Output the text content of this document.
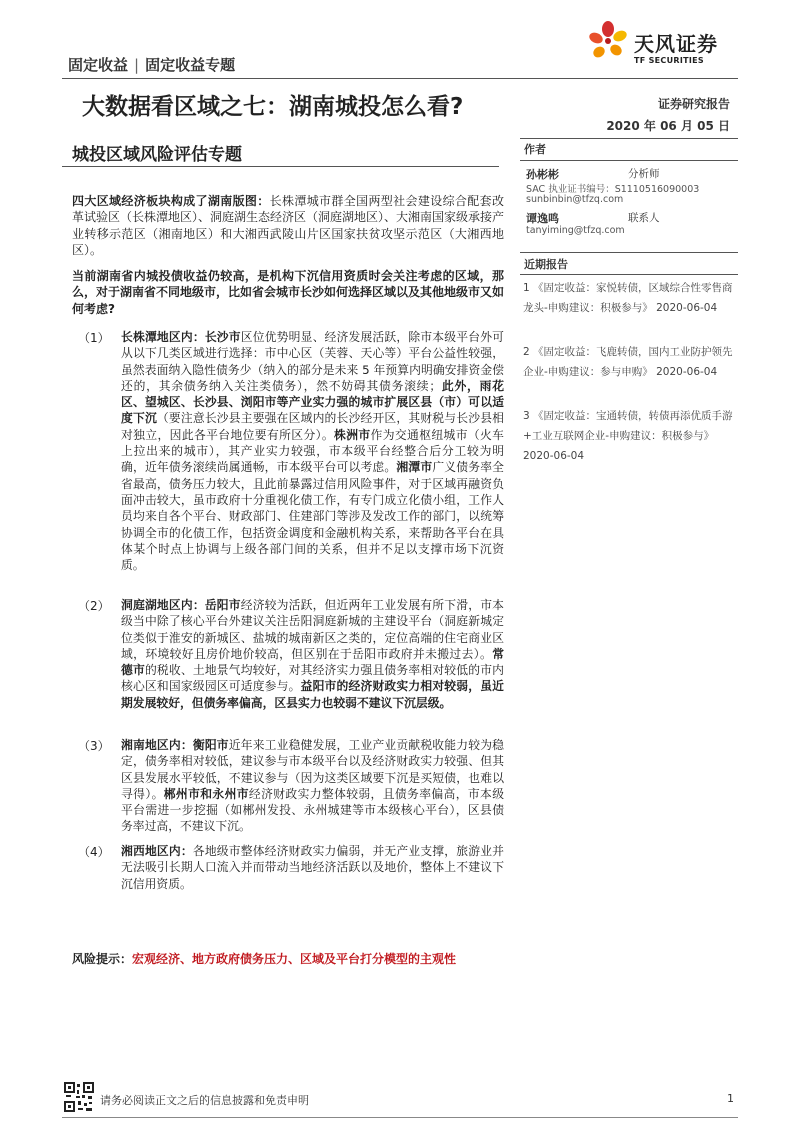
固定收益 | 固定收益专题
天风证券
TF SECURITIES
大数据看区域之七：湖南城投怎么看?	证券研究报告
2020 年 06 月 05 日
城投区域风险评估专题	作者
孙彬彬	分析师
SAC 执业证书编号：S1110516090003
sunbinbin@tfzq.com
谭逸鸣	联系人
tanyiming@tfzq.com
近期报告
1 《固定收益：家悦转债，区域综合性零售商龙头-申购建议：积极参与》 2020-06-04
2 《固定收益：飞鹿转债，国内工业防护领先企业-申购建议：参与申购》 2020-06-04
3 《固定收益：宝通转债，转债再添优质手游+工业互联网企业-申购建议：积极参与》 2020-06-04
四大区域经济板块构成了湖南版图：长株潭城市群全国两型社会建设综合配套改革试验区（长株潭地区）、洞庭湖生态经济区（洞庭湖地区）、大湘南国家级承接产业转移示范区（湘南地区）和大湘西武陵山片区国家扶贫攻坚示范区（大湘西地区）。
当前湖南省内城投债收益仍较高，是机构下沉信用资质时会关注考虑的区域，那么，对于湖南省不同地级市，比如省会城市长沙如何选择区域以及其他地级市又如何考虑?
（1） 长株潭地区内：长沙市区位优势明显、经济发展活跃，除市本级平台外可从以下几类区域进行选择：市中心区（芙蓉、天心等）平台公益性较强，虽然表面纳入隐性债务少（纳入的部分是未来 5 年预算内明确安排资金偿还的，其余债务纳入关注类债务），然不妨碍其债务滚续；此外，雨花区、望城区、长沙县、浏阳市等产业实力强的城市扩展区县（市）可以适度下沉（要注意长沙县主要强在区域内的长沙经开区，其财税与长沙县相对独立，因此各平台地位要有所区分）。株洲市作为交通枢纽城市（火车上拉出来的城市），其产业实力较强，市本级平台经整合后分工较为明确，近年债务滚续尚属通畅，市本级平台可以考虑。湘潭市广义债务率全省最高，债务压力较大，且此前暴露过信用风险事件，对于区域再融资负面冲击较大，虽市政府十分重视化债工作，有专门成立化债小组，工作人员均来自各个平台、财政部门、住建部门等涉及发改工作的部门，以统筹协调全市的化债工作，包括资金调度和金融机构关系，来帮助各平台在具体某个时点上协调与上级各部门间的关系，但并不足以支撑市场下沉资质。
（2） 洞庭湖地区内：岳阳市经济较为活跃，但近两年工业发展有所下滑，市本级当中除了核心平台外建议关注岳阳洞庭新城的主建设平台（洞庭新城定位类似于淮安的新城区、盐城的城南新区之类的，定位高端的住宅商业区域，环境较好且房价地价较高，但区别在于岳阳市政府并未搬过去）。常德市的税收、土地景气均较好，对其经济实力强且债务率相对较低的市内核心区和国家级园区可适度参与。益阳市的经济财政实力相对较弱，虽近期发展较好，但债务率偏高，区县实力也较弱不建议下沉层级。
（3） 湘南地区内：衡阳市近年来工业稳健发展，工业产业贡献税收能力较为稳定，债务率相对较低，建议参与市本级平台以及经济财政实力较强、但其区县发展水平较低，不建议参与（因为这类区域要下沉是买短债，也难以寻得）。郴州市和永州市经济财政实力整体较弱，且债务率偏高，市本级平台需进一步挖掘（如郴州发投、永州城建等市本级核心平台），区县债务率过高，不建议下沉。
（4） 湘西地区内：各地级市整体经济财政实力偏弱，并无产业支撑，旅游业并无法吸引长期人口流入并而带动当地经济活跃以及地价，整体上不建议下沉信用资质。
风险提示：宏观经济、地方政府债务压力、区域及平台打分模型的主观性
请务必阅读正文之后的信息披露和免责申明	1
